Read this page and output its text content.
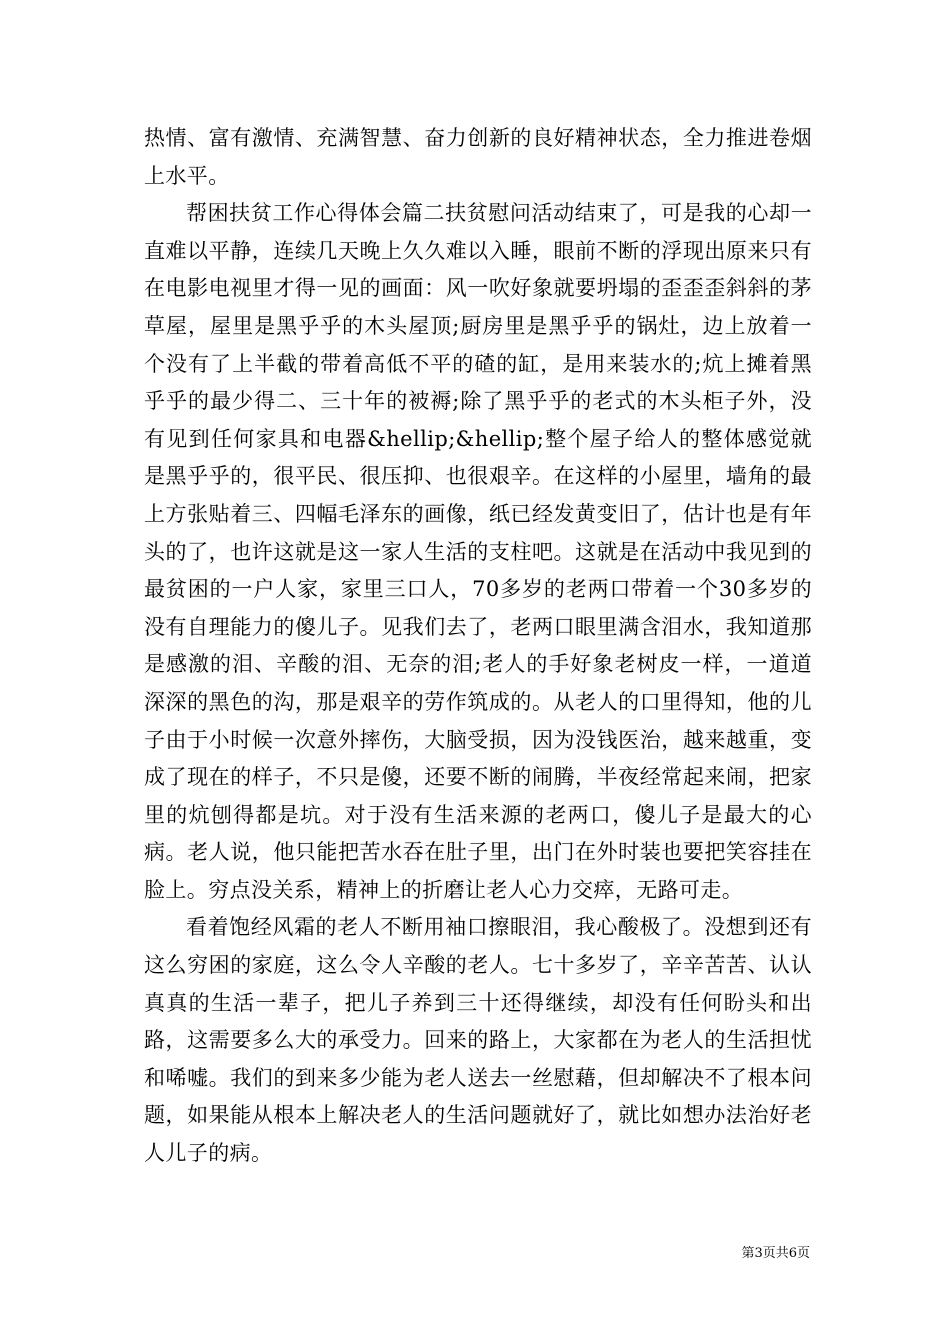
热情、富有激情、充满智慧、奋力创新的良好精神状态，全力推进卷烟上水平。

帮困扶贫工作心得体会篇二扶贫慰问活动结束了，可是我的心却一直难以平静，连续几天晚上久久难以入睡，眼前不断的浮现出原来只有在电影电视里才得一见的画面：风一吹好象就要坍塌的歪歪歪斜斜的茅草屋，屋里是黑乎乎的木头屋顶;厨房里是黑乎乎的锅灶，边上放着一个没有了上半截的带着高低不平的碴的缸，是用来装水的;炕上摊着黑乎乎的最少得二、三十年的被褥;除了黑乎乎的老式的木头柜子外，没有见到任何家具和电器&hellip;&hellip;整个屋子给人的整体感觉就是黑乎乎的，很平民、很压抑、也很艰辛。在这样的小屋里，墙角的最上方张贴着三、四幅毛泽东的画像，纸已经发黄变旧了，估计也是有年头的了，也许这就是这一家人生活的支柱吧。这就是在活动中我见到的最贫困的一户人家，家里三口人，70多岁的老两口带着一个30多岁的没有自理能力的傻儿子。见我们去了，老两口眼里满含泪水，我知道那是感激的泪、辛酸的泪、无奈的泪;老人的手好象老树皮一样，一道道深深的黑色的沟，那是艰辛的劳作筑成的。从老人的口里得知，他的儿子由于小时候一次意外摔伤，大脑受损，因为没钱医治，越来越重，变成了现在的样子，不只是傻，还要不断的闹腾，半夜经常起来闹，把家里的炕刨得都是坑。对于没有生活来源的老两口，傻儿子是最大的心病。老人说，他只能把苦水吞在肚子里，出门在外时装也要把笑容挂在脸上。穷点没关系，精神上的折磨让老人心力交瘁，无路可走。

看着饱经风霜的老人不断用袖口擦眼泪，我心酸极了。没想到还有这么穷困的家庭，这么令人辛酸的老人。七十多岁了，辛辛苦苦、认认真真的生活一辈子，把儿子养到三十还得继续，却没有任何盼头和出路，这需要多么大的承受力。回来的路上，大家都在为老人的生活担忧和唏嘘。我们的到来多少能为老人送去一丝慰藉，但却解决不了根本问题，如果能从根本上解决老人的生活问题就好了，就比如想办法治好老人儿子的病。

第3页共6页
